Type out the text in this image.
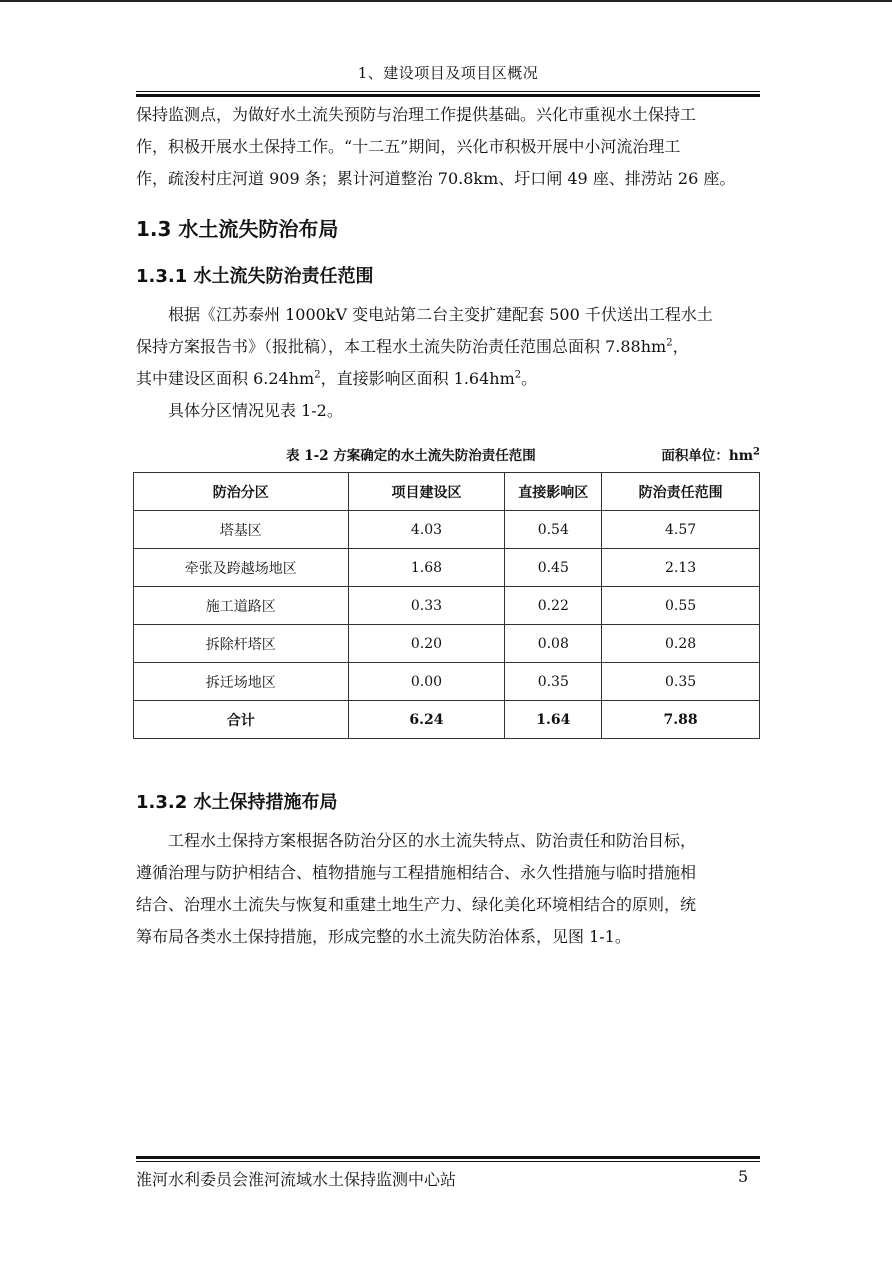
1、建设项目及项目区概况
保持监测点，为做好水土流失预防与治理工作提供基础。兴化市重视水土保持工
作，积极开展水土保持工作。“十二五”期间，兴化市积极开展中小河流治理工
作，疏浚村庄河道 909 条；累计河道整治 70.8km、圩口闸 49 座、排涝站 26 座。
1.3 水土流失防治布局
1.3.1 水土流失防治责任范围
根据《江苏泰州 1000kV 变电站第二台主变扩建配套 500 千伏送出工程水土
保持方案报告书》（报批稿），本工程水土流失防治责任范围总面积 $7.88hm^2$，
其中建设区面积 $6.24hm^2$，直接影响区面积 $1.64hm^2$。
具体分区情况见表 1-2。
表 1-2 方案确定的水土流失防治责任范围	面积单位：$hm^2$
防治分区	项目建设区	直接影响区	防治责任范围
塔基区	4.03	0.54	4.57
牵张及跨越场地区	1.68	0.45	2.13
施工道路区	0.33	0.22	0.55
拆除杆塔区	0.20	0.08	0.28
拆迁场地区	0.00	0.35	0.35
合计	6.24	1.64	7.88
1.3.2 水土保持措施布局
工程水土保持方案根据各防治分区的水土流失特点、防治责任和防治目标，
遵循治理与防护相结合、植物措施与工程措施相结合、永久性措施与临时措施相
结合、治理水土流失与恢复和重建土地生产力、绿化美化环境相结合的原则，统
筹布局各类水土保持措施，形成完整的水土流失防治体系，见图 1-1。
淮河水利委员会淮河流域水土保持监测中心站	5
